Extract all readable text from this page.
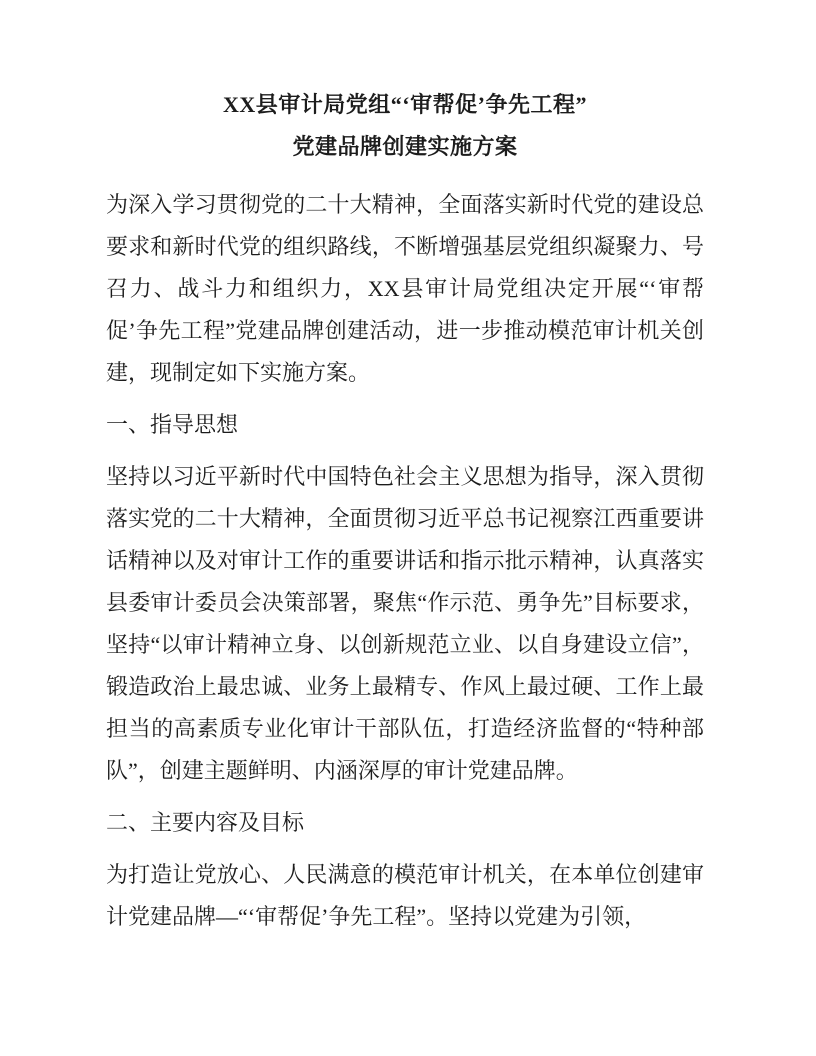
XX县审计局党组“‘审帮促’争先工程”
党建品牌创建实施方案

为深入学习贯彻党的二十大精神，全面落实新时代党的建设总要求和新时代党的组织路线，不断增强基层党组织凝聚力、号召力、战斗力和组织力，XX县审计局党组决定开展“‘审帮促’争先工程”党建品牌创建活动，进一步推动模范审计机关创建，现制定如下实施方案。

一、指导思想

坚持以习近平新时代中国特色社会主义思想为指导，深入贯彻落实党的二十大精神，全面贯彻习近平总书记视察江西重要讲话精神以及对审计工作的重要讲话和指示批示精神，认真落实县委审计委员会决策部署，聚焦“作示范、勇争先”目标要求，坚持“以审计精神立身、以创新规范立业、以自身建设立信”，锻造政治上最忠诚、业务上最精专、作风上最过硬、工作上最担当的高素质专业化审计干部队伍，打造经济监督的“特种部队”，创建主题鲜明、内涵深厚的审计党建品牌。

二、主要内容及目标

为打造让党放心、人民满意的模范审计机关，在本单位创建审计党建品牌—“‘审帮促’争先工程”。坚持以党建为引领，
